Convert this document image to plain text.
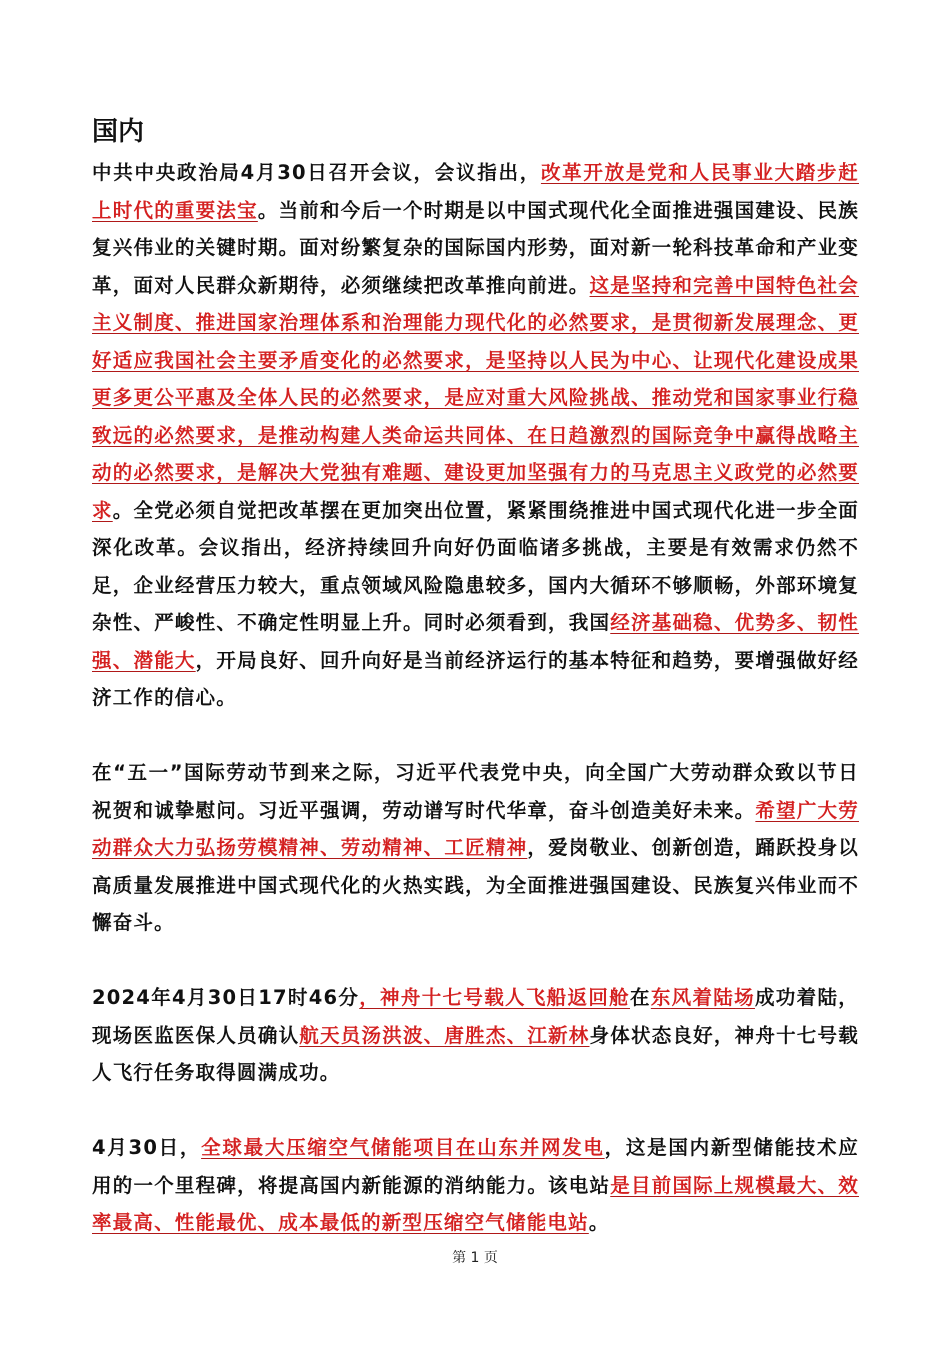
国内

中共中央政治局4月30日召开会议，会议指出，改革开放是党和人民事业大踏步赶上时代的重要法宝。当前和今后一个时期是以中国式现代化全面推进强国建设、民族复兴伟业的关键时期。面对纷繁复杂的国际国内形势，面对新一轮科技革命和产业变革，面对人民群众新期待，必须继续把改革推向前进。这是坚持和完善中国特色社会主义制度、推进国家治理体系和治理能力现代化的必然要求，是贯彻新发展理念、更好适应我国社会主要矛盾变化的必然要求，是坚持以人民为中心、让现代化建设成果更多更公平惠及全体人民的必然要求，是应对重大风险挑战、推动党和国家事业行稳致远的必然要求，是推动构建人类命运共同体、在日趋激烈的国际竞争中赢得战略主动的必然要求，是解决大党独有难题、建设更加坚强有力的马克思主义政党的必然要求。全党必须自觉把改革摆在更加突出位置，紧紧围绕推进中国式现代化进一步全面深化改革。会议指出，经济持续回升向好仍面临诸多挑战，主要是有效需求仍然不足，企业经营压力较大，重点领域风险隐患较多，国内大循环不够顺畅，外部环境复杂性、严峻性、不确定性明显上升。同时必须看到，我国经济基础稳、优势多、韧性强、潜能大，开局良好、回升向好是当前经济运行的基本特征和趋势，要增强做好经济工作的信心。

在“五一”国际劳动节到来之际，习近平代表党中央，向全国广大劳动群众致以节日祝贺和诚挚慰问。习近平强调，劳动谱写时代华章，奋斗创造美好未来。希望广大劳动群众大力弘扬劳模精神、劳动精神、工匠精神，爱岗敬业、创新创造，踊跃投身以高质量发展推进中国式现代化的火热实践，为全面推进强国建设、民族复兴伟业而不懈奋斗。

2024年4月30日17时46分，神舟十七号载人飞船返回舱在东风着陆场成功着陆，现场医监医保人员确认航天员汤洪波、唐胜杰、江新林身体状态良好，神舟十七号载人飞行任务取得圆满成功。

4月30日，全球最大压缩空气储能项目在山东并网发电，这是国内新型储能技术应用的一个里程碑，将提高国内新能源的消纳能力。该电站是目前国际上规模最大、效率最高、性能最优、成本最低的新型压缩空气储能电站。

第 1 页
